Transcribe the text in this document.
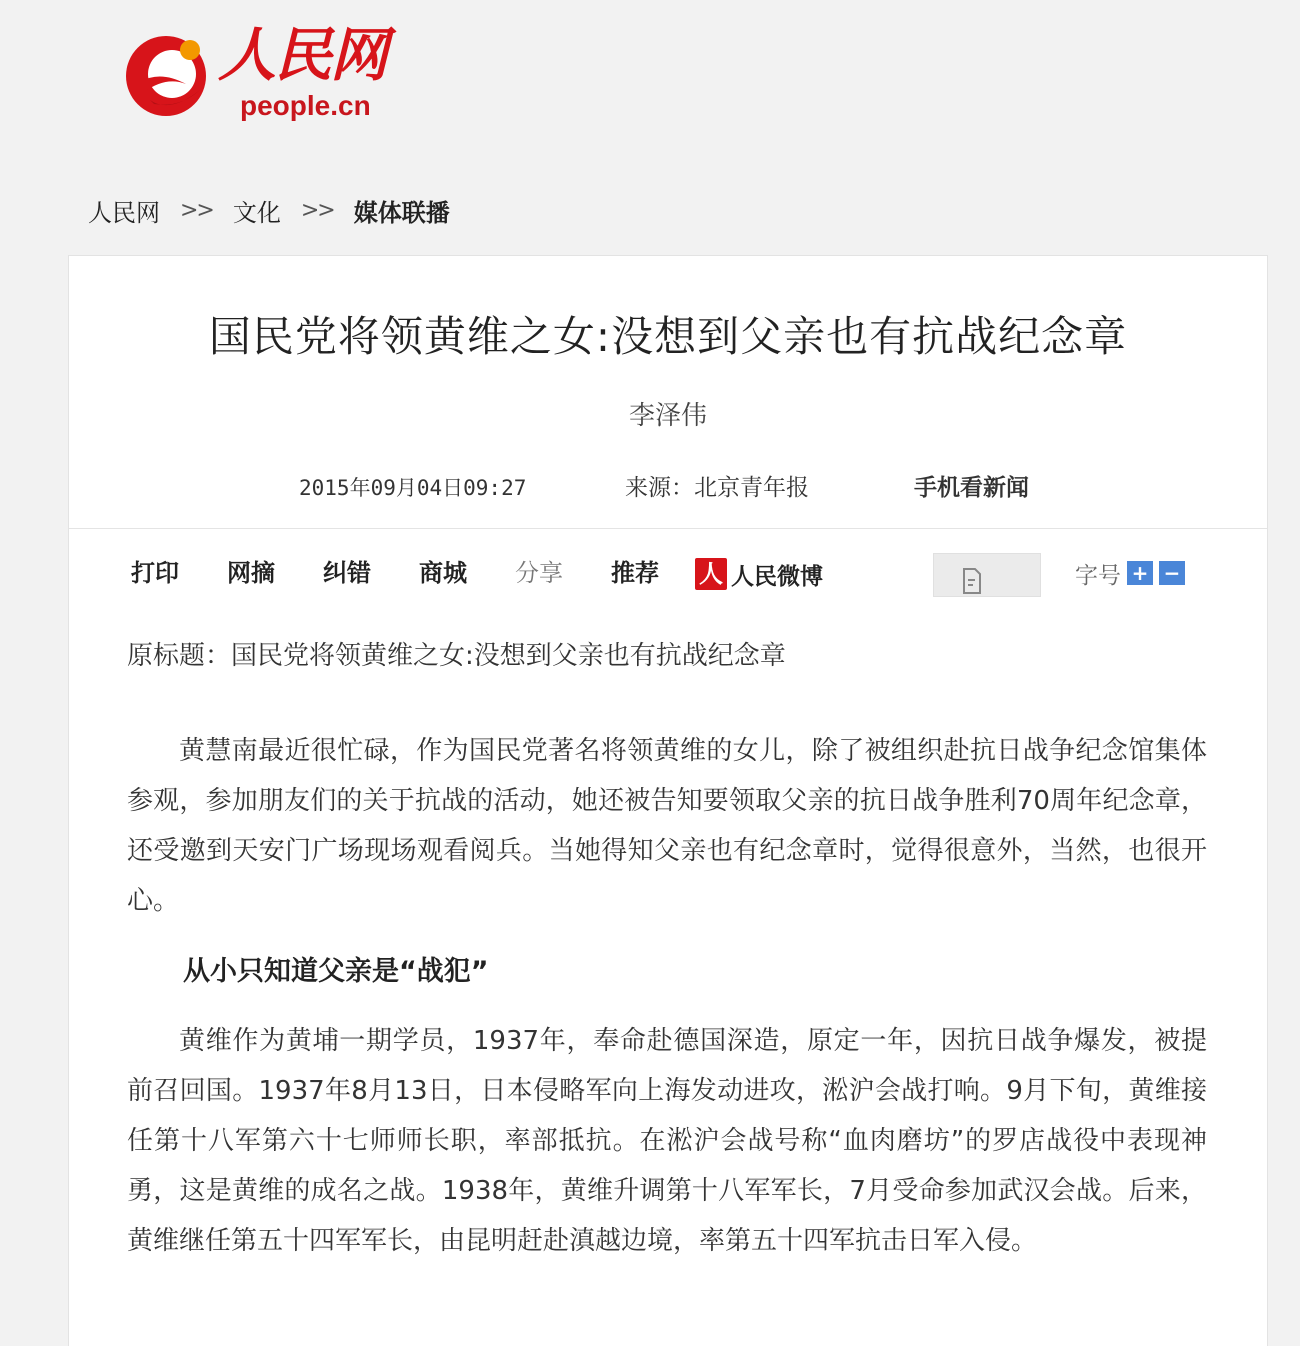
人民网
people.cn
人民网 >> 文化 >> 媒体联播
国民党将领黄维之女:没想到父亲也有抗战纪念章
李泽伟
2015年09月04日09:27	来源：北京青年报	手机看新闻
打印 网摘 纠错 商城 分享 推荐 人 人民微博	字号 + −
原标题：国民党将领黄维之女:没想到父亲也有抗战纪念章

黄慧南最近很忙碌，作为国民党著名将领黄维的女儿，除了被组织赴抗日战争纪念馆集体参观，参加朋友们的关于抗战的活动，她还被告知要领取父亲的抗日战争胜利70周年纪念章，还受邀到天安门广场现场观看阅兵。当她得知父亲也有纪念章时，觉得很意外，当然，也很开心。

从小只知道父亲是“战犯”

黄维作为黄埔一期学员，1937年，奉命赴德国深造，原定一年，因抗日战争爆发，被提前召回国。1937年8月13日，日本侵略军向上海发动进攻，淞沪会战打响。9月下旬，黄维接任第十八军第六十七师师长职，率部抵抗。在淞沪会战号称“血肉磨坊”的罗店战役中表现神勇，这是黄维的成名之战。1938年，黄维升调第十八军军长，7月受命参加武汉会战。后来，黄维继任第五十四军军长，由昆明赶赴滇越边境，率第五十四军抗击日军入侵。
